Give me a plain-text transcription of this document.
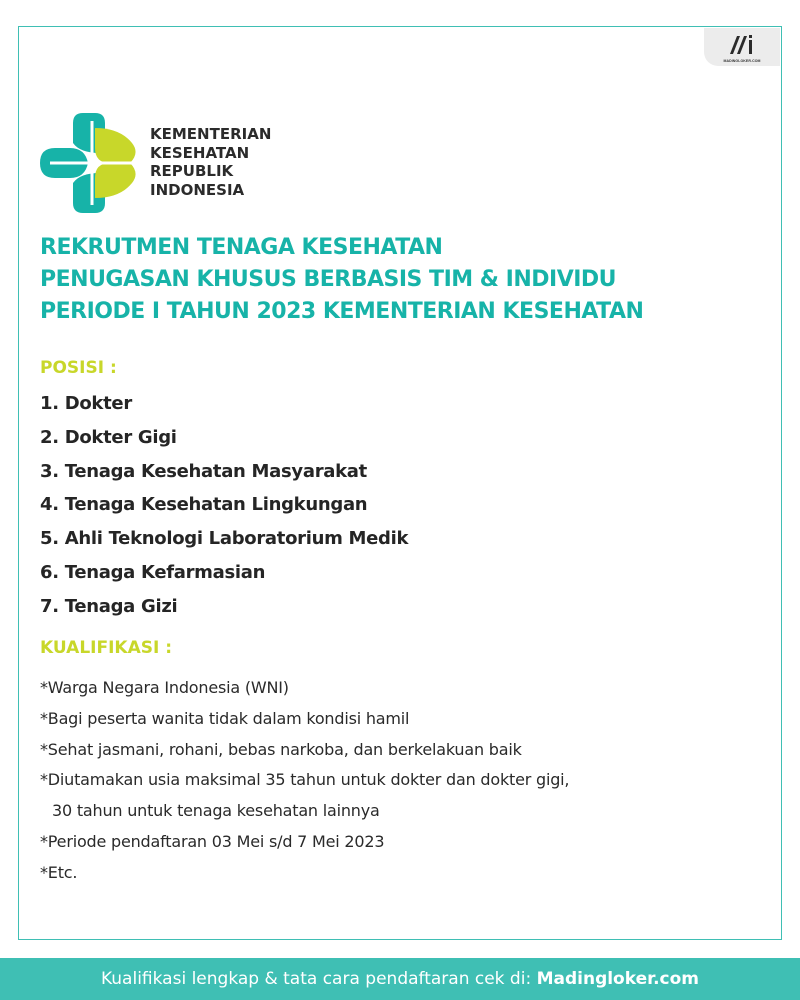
MADINGLOKER.COM
KEMENTERIAN
KESEHATAN
REPUBLIK
INDONESIA
REKRUTMEN TENAGA KESEHATAN
PENUGASAN KHUSUS BERBASIS TIM & INDIVIDU
PERIODE I TAHUN 2023 KEMENTERIAN KESEHATAN
POSISI :
1. Dokter
2. Dokter Gigi
3. Tenaga Kesehatan Masyarakat
4. Tenaga Kesehatan Lingkungan
5. Ahli Teknologi Laboratorium Medik
6. Tenaga Kefarmasian
7. Tenaga Gizi
KUALIFIKASI :
*Warga Negara Indonesia (WNI)
*Bagi peserta wanita tidak dalam kondisi hamil
*Sehat jasmani, rohani, bebas narkoba, dan berkelakuan baik
*Diutamakan usia maksimal 35 tahun untuk dokter dan dokter gigi,
30 tahun untuk tenaga kesehatan lainnya
*Periode pendaftaran 03 Mei s/d 7 Mei 2023
*Etc.
Kualifikasi lengkap & tata cara pendaftaran cek di: Madingloker.com
